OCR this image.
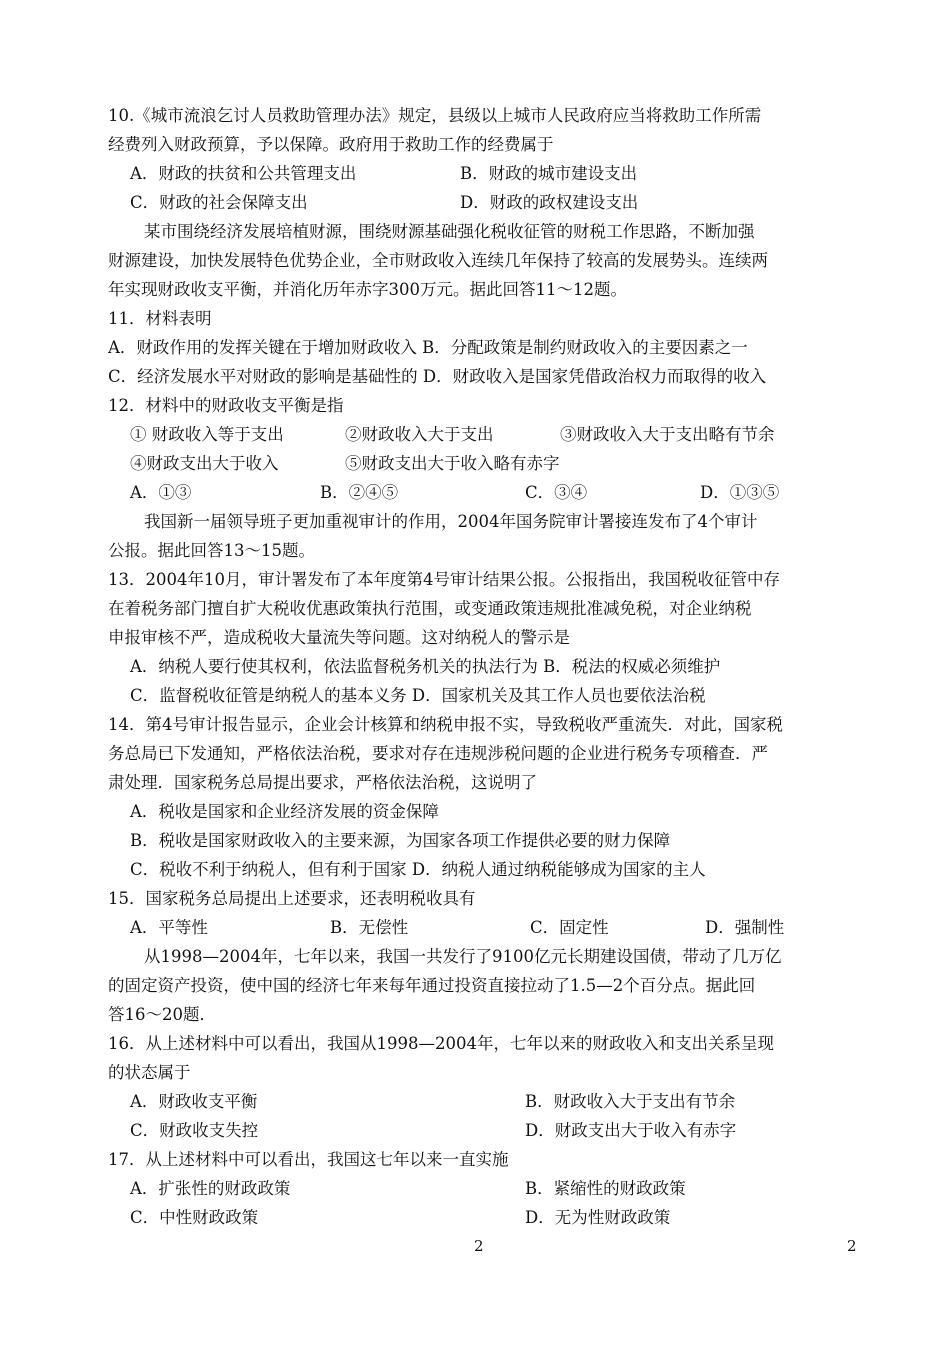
10.《城市流浪乞讨人员救助管理办法》规定，县级以上城市人民政府应当将救助工作所需
经费列入财政预算，予以保障。政府用于救助工作的经费属于
A．财政的扶贫和公共管理支出	B．财政的城市建设支出
C．财政的社会保障支出	D．财政的政权建设支出
某市围绕经济发展培植财源，围绕财源基础强化税收征管的财税工作思路，不断加强
财源建设，加快发展特色优势企业，全市财政收入连续几年保持了较高的发展势头。连续两
年实现财政收支平衡，并消化历年赤字300万元。据此回答11～12题。
11．材料表明
A．财政作用的发挥关键在于增加财政收入 B．分配政策是制约财政收入的主要因素之一
C．经济发展水平对财政的影响是基础性的 D．财政收入是国家凭借政治权力而取得的收入
12．材料中的财政收支平衡是指
① 财政收入等于支出	②财政收入大于支出	③财政收入大于支出略有节余
④财政支出大于收入	⑤财政支出大于收入略有赤字
A．①③	B．②④⑤	C．③④	D．①③⑤
我国新一届领导班子更加重视审计的作用，2004年国务院审计署接连发布了4个审计
公报。据此回答13～15题。
13．2004年10月，审计署发布了本年度第4号审计结果公报。公报指出，我国税收征管中存
在着税务部门擅自扩大税收优惠政策执行范围，或变通政策违规批准减免税，对企业纳税
申报审核不严，造成税收大量流失等问题。这对纳税人的警示是
A．纳税人要行使其权利，依法监督税务机关的执法行为 B．税法的权威必须维护
C．监督税收征管是纳税人的基本义务 D．国家机关及其工作人员也要依法治税
14．第4号审计报告显示，企业会计核算和纳税申报不实，导致税收严重流失．对此，国家税
务总局已下发通知，严格依法治税，要求对存在违规涉税问题的企业进行税务专项稽查．严
肃处理．国家税务总局提出要求，严格依法治税，这说明了
A．税收是国家和企业经济发展的资金保障
B．税收是国家财政收入的主要来源，为国家各项工作提供必要的财力保障
C．税收不利于纳税人，但有利于国家 D．纳税人通过纳税能够成为国家的主人
15．国家税务总局提出上述要求，还表明税收具有
A．平等性	B．无偿性	C．固定性	D．强制性
从1998—2004年，七年以来，我国一共发行了9100亿元长期建设国债，带动了几万亿
的固定资产投资，使中国的经济七年来每年通过投资直接拉动了1.5—2个百分点。据此回
答16～20题．
16．从上述材料中可以看出，我国从1998—2004年，七年以来的财政收入和支出关系呈现
的状态属于
A．财政收支平衡	B．财政收入大于支出有节余
C．财政收支失控	D．财政支出大于收入有赤字
17．从上述材料中可以看出，我国这七年以来一直实施
A．扩张性的财政政策	B．紧缩性的财政政策
C．中性财政政策	D．无为性财政政策
2	2
